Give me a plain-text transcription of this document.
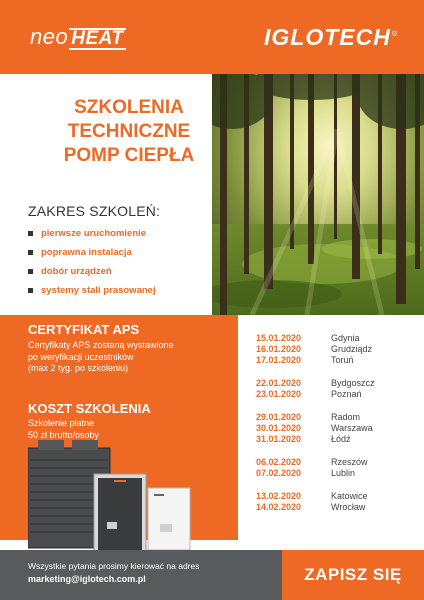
neo HEAT	IGLOTECH®
SZKOLENIA
TECHNICZNE
POMP CIEPŁA
ZAKRES SZKOLEŃ:
pierwsze uruchomienie
poprawna instalacja
dobór urządzeń
systemy stali prasowanej
CERTYFIKAT APS
Certyfikaty APS zostaną wystawione
po weryfikacji uczestników
(max 2 tyg. po szkoleniu)
KOSZT SZKOLENIA
Szkolenie płatne
50 zł brutto/osoby
15.01.2020	Gdynia
16.01.2020	Grudziądz
17.01.2020	Toruń
22.01.2020	Bydgoszcz
23.01.2020	Poznań
29.01.2020	Radom
30.01.2020	Warszawa
31.01.2020	Łódź
06.02.2020	Rzeszów
07.02.2020	Lublin
13.02.2020	Katowice
14.02.2020	Wrocław
Wszystkie pytania prosimy kierować na adres
marketing@iglotech.com.pl	ZAPISZ SIĘ
